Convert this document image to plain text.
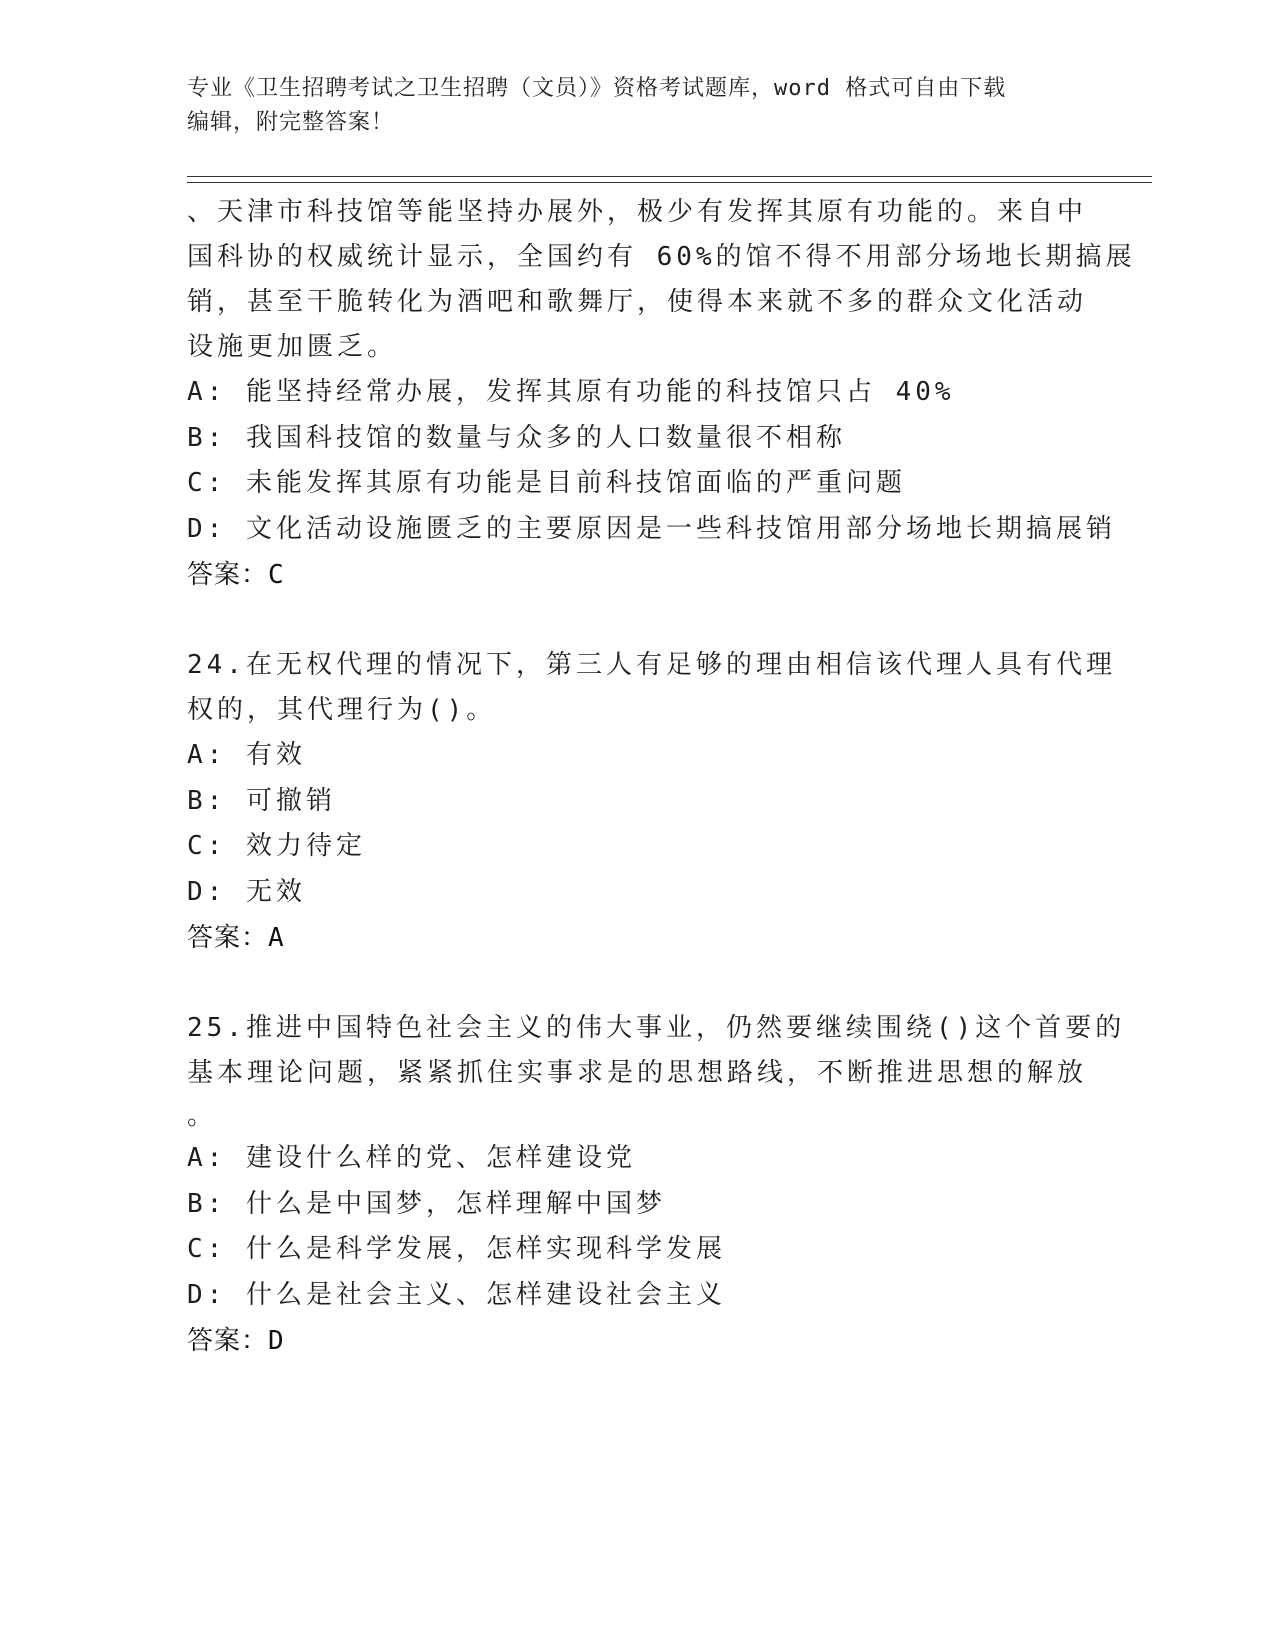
专业《卫生招聘考试之卫生招聘（文员）》资格考试题库，word 格式可自由下载
编辑，附完整答案！
、天津市科技馆等能坚持办展外，极少有发挥其原有功能的。来自中
国科协的权威统计显示，全国约有 60%的馆不得不用部分场地长期搞展
销，甚至干脆转化为酒吧和歌舞厅，使得本来就不多的群众文化活动
设施更加匮乏。
A: 能坚持经常办展，发挥其原有功能的科技馆只占 40%
B: 我国科技馆的数量与众多的人口数量很不相称
C: 未能发挥其原有功能是目前科技馆面临的严重问题
D: 文化活动设施匮乏的主要原因是一些科技馆用部分场地长期搞展销
答案：C
24.在无权代理的情况下，第三人有足够的理由相信该代理人具有代理
权的，其代理行为()。
A: 有效
B: 可撤销
C: 效力待定
D: 无效
答案：A
25.推进中国特色社会主义的伟大事业，仍然要继续围绕()这个首要的
基本理论问题，紧紧抓住实事求是的思想路线，不断推进思想的解放
。
A: 建设什么样的党、怎样建设党
B: 什么是中国梦，怎样理解中国梦
C: 什么是科学发展，怎样实现科学发展
D: 什么是社会主义、怎样建设社会主义
答案：D
